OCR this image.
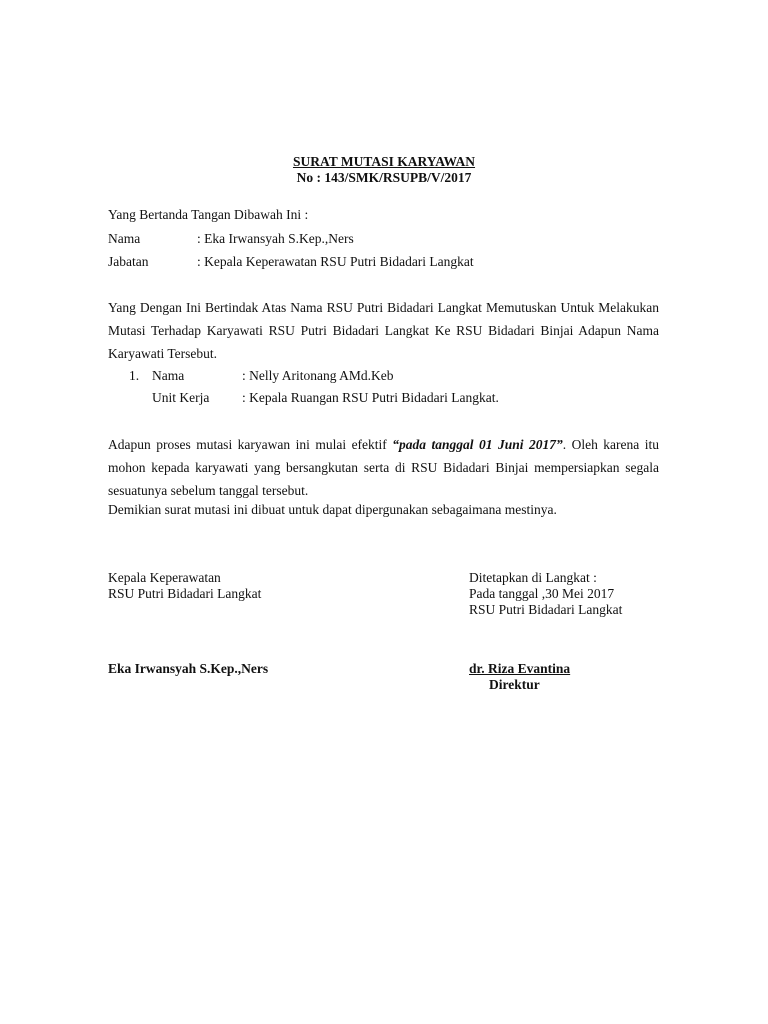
SURAT MUTASI KARYAWAN
No : 143/SMK/RSUPB/V/2017
Yang Bertanda Tangan Dibawah Ini :
Nama	: Eka Irwansyah S.Kep.,Ners
Jabatan	: Kepala Keperawatan RSU Putri Bidadari Langkat
Yang Dengan Ini Bertindak Atas Nama RSU Putri Bidadari Langkat Memutuskan Untuk Melakukan Mutasi Terhadap Karyawati RSU Putri Bidadari Langkat Ke RSU Bidadari Binjai Adapun Nama Karyawati Tersebut.
1. Nama	: Nelly Aritonang AMd.Keb
Unit Kerja : Kepala Ruangan RSU Putri Bidadari Langkat.
Adapun proses mutasi karyawan ini mulai efektif “pada tanggal 01 Juni 2017”. Oleh karena itu mohon kepada karyawati yang bersangkutan serta di RSU Bidadari Binjai mempersiapkan segala sesuatunya sebelum tanggal tersebut.
Demikian surat mutasi ini dibuat untuk dapat dipergunakan sebagaimana mestinya.
Kepala Keperawatan
RSU Putri Bidadari Langkat
Ditetapkan di Langkat :
Pada tanggal ,30 Mei 2017
RSU Putri Bidadari Langkat
Eka Irwansyah S.Kep.,Ners	dr. Riza Evantina
Direktur
